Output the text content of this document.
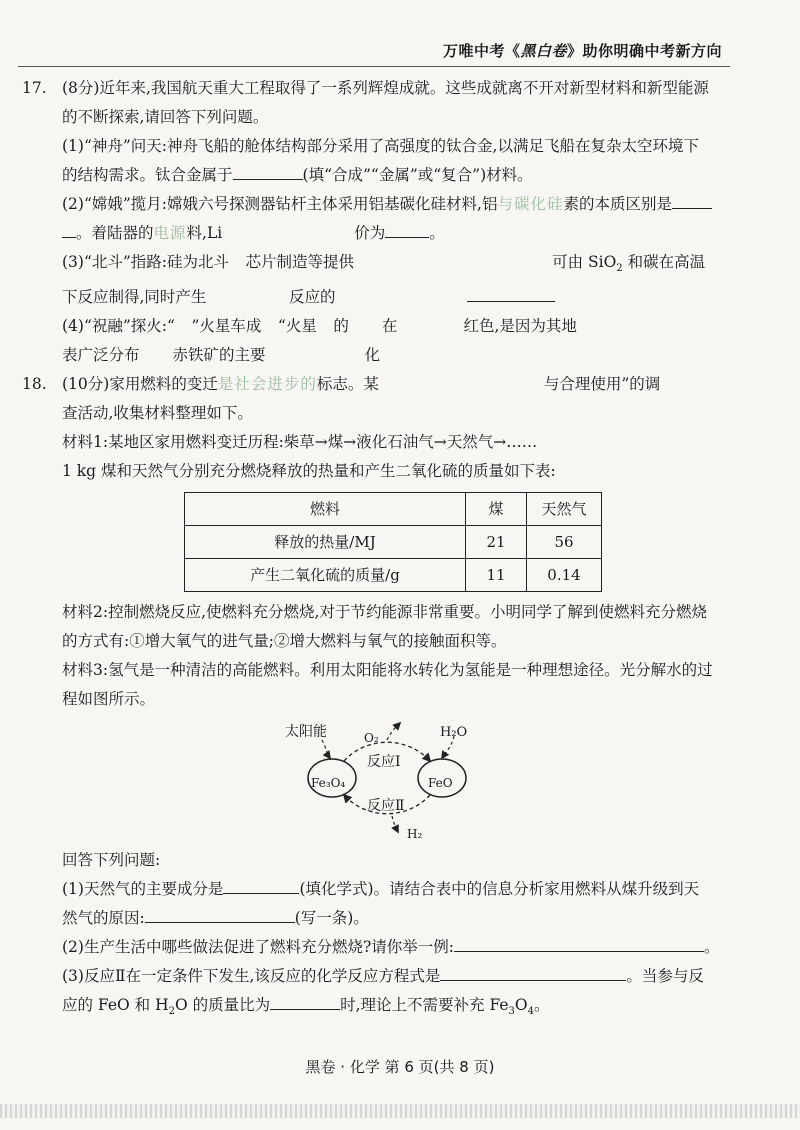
万唯中考《黑白卷》助你明确中考新方向

17. (8分)近年来,我国航天重大工程取得了一系列辉煌成就。这些成就离不开对新型材料和新型能源

的不断探索,请回答下列问题。

(1)“神舟”问天:神舟飞船的舱体结构部分采用了高强度的钛合金,以满足飞船在复杂太空环境下

的结构需求。钛合金属于	(填“合成”“金属”或“复合”)材料。

(2)“嫦娥”揽月:嫦娥六号探测器钻杆主体采用铝基碳化硅材料,铝与碳化硅素的本质区别是

。着陆器的电源料,Li　　　　　　　　	价为	。

(3)“北斗”指路:硅为北斗　 芯片制造等提供　　　　　　　　　　　　	可由 SiO$_2$ 和碳在高温

下反应制得,同时产生　　　　　	反应的　　　　　　　　

(4)“祝融”探火:“　 ”火星车成　 “火星　 的　　 在　　　　	红色,是因为其地

表广泛分布　　 赤铁矿的主要　　　　　　	化

18. (10分)家用燃料的变迁是社会进步的标志。某　　　　　　　　　　	与合理使用”的调

查活动,收集材料整理如下。

材料1:某地区家用燃料变迁历程:柴草→煤→液化石油气→天然气→……

1 kg 煤和天然气分别充分燃烧释放的热量和产生二氧化硫的质量如下表:

燃料	煤	天然气
释放的热量/MJ	21	56
产生二氧化硫的质量/g	11	0.14

材料2:控制燃烧反应,使燃料充分燃烧,对于节约能源非常重要。小明同学了解到使燃料充分燃烧

的方式有:①增大氧气的进气量;②增大燃料与氧气的接触面积等。

材料3:氢气是一种清洁的高能燃料。利用太阳能将水转化为氢能是一种理想途径。光分解水的过

程如图所示。

太阳能	O₂	H₂O
Fe₃O₄	FeO
反应Ⅰ
反应Ⅱ
H₂

回答下列问题:

(1)天然气的主要成分是	(填化学式)。请结合表中的信息分析家用燃料从煤升级到天

然气的原因:	(写一条)。

(2)生产生活中哪些做法促进了燃料充分燃烧?请你举一例:	。

(3)反应Ⅱ在一定条件下发生,该反应的化学反应方程式是	。当参与反

应的 FeO 和 $H_2O$ 的质量比为	时,理论上不需要补充 $Fe_3O_4$。

黑卷 · 化学 第 6 页(共 8 页)
